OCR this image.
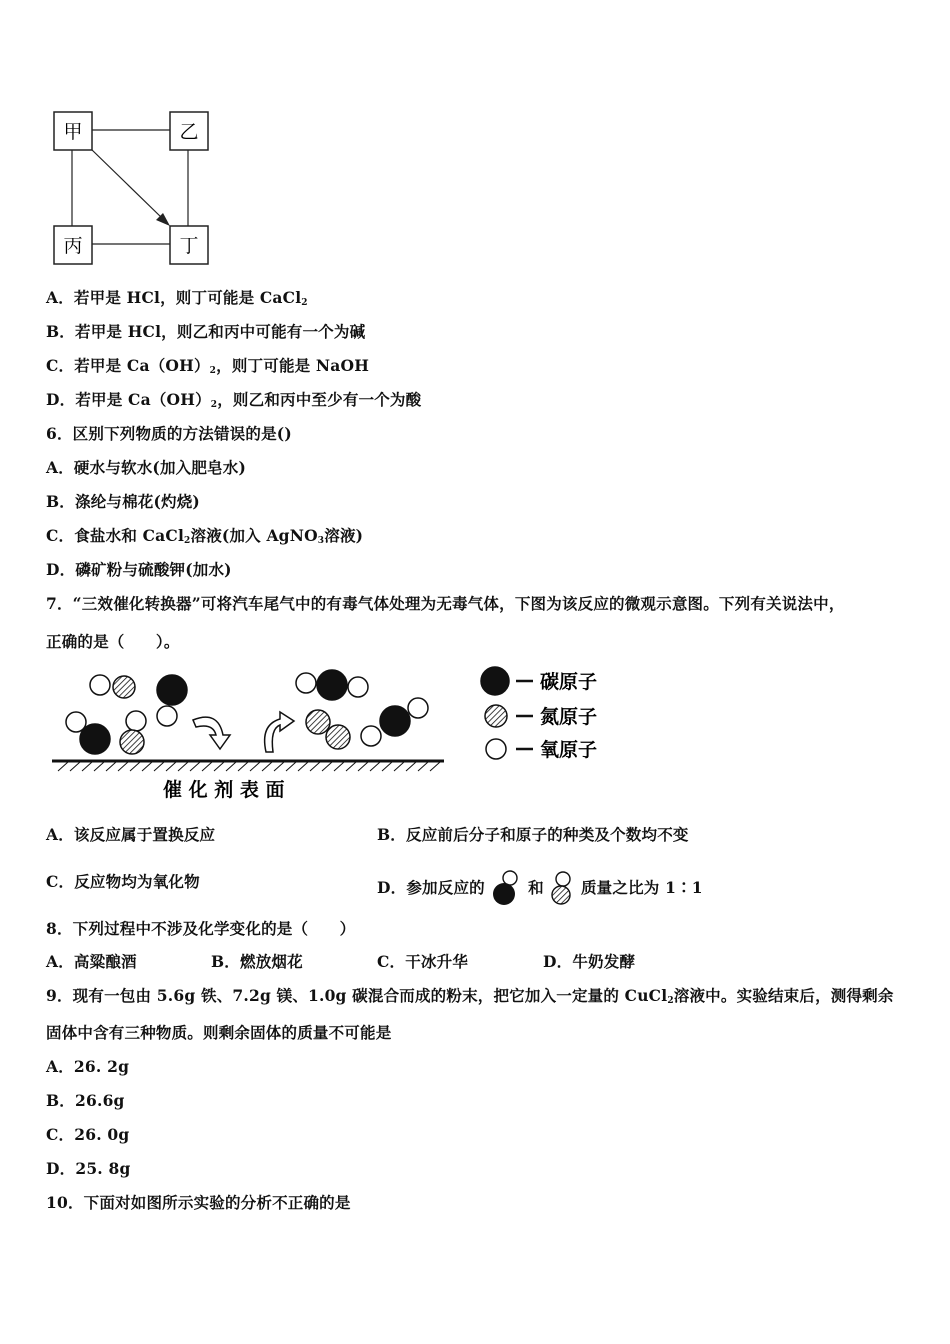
甲	乙
丙	丁
A．若甲是 HCl，则丁可能是 CaCl$_2$
B．若甲是 HCl，则乙和丙中可能有一个为碱
C．若甲是 $Ca(OH)_2$，则丁可能是 NaOH
D．若甲是 $Ca(OH)_2$，则乙和丙中至少有一个为酸
6．区别下列物质的方法错误的是()
A．硬水与软水(加入肥皂水)
B．涤纶与棉花(灼烧)
C．食盐水和 CaCl$_2$溶液(加入 AgNO$_3$溶液)
D．磷矿粉与硫酸钾(加水)
7．“三效催化转换器”可将汽车尾气中的有毒气体处理为无毒气体，下图为该反应的微观示意图。下列有关说法中，
正确的是（　　）。
催 化 剂 表 面
碳原子
氮原子
氧原子
A．该反应属于置换反应	B．反应前后分子和原子的种类及个数均不变
C．反应物均为氧化物	D．参加反应的	和 质量之比为 1∶1
8．下列过程中不涉及化学变化的是（　　）
A．高粱酿酒	B．燃放烟花	C．干冰升华	D．牛奶发酵
9．现有一包由 5.6g 铁、7.2g 镁、1.0g 碳混合而成的粉末，把它加入一定量的 CuCl$_2$溶液中。实验结束后，测得剩余
固体中含有三种物质。则剩余固体的质量不可能是
A．26. 2g
B．26.6g
C．26. 0g
D．25. 8g
10．下面对如图所示实验的分析不正确的是
